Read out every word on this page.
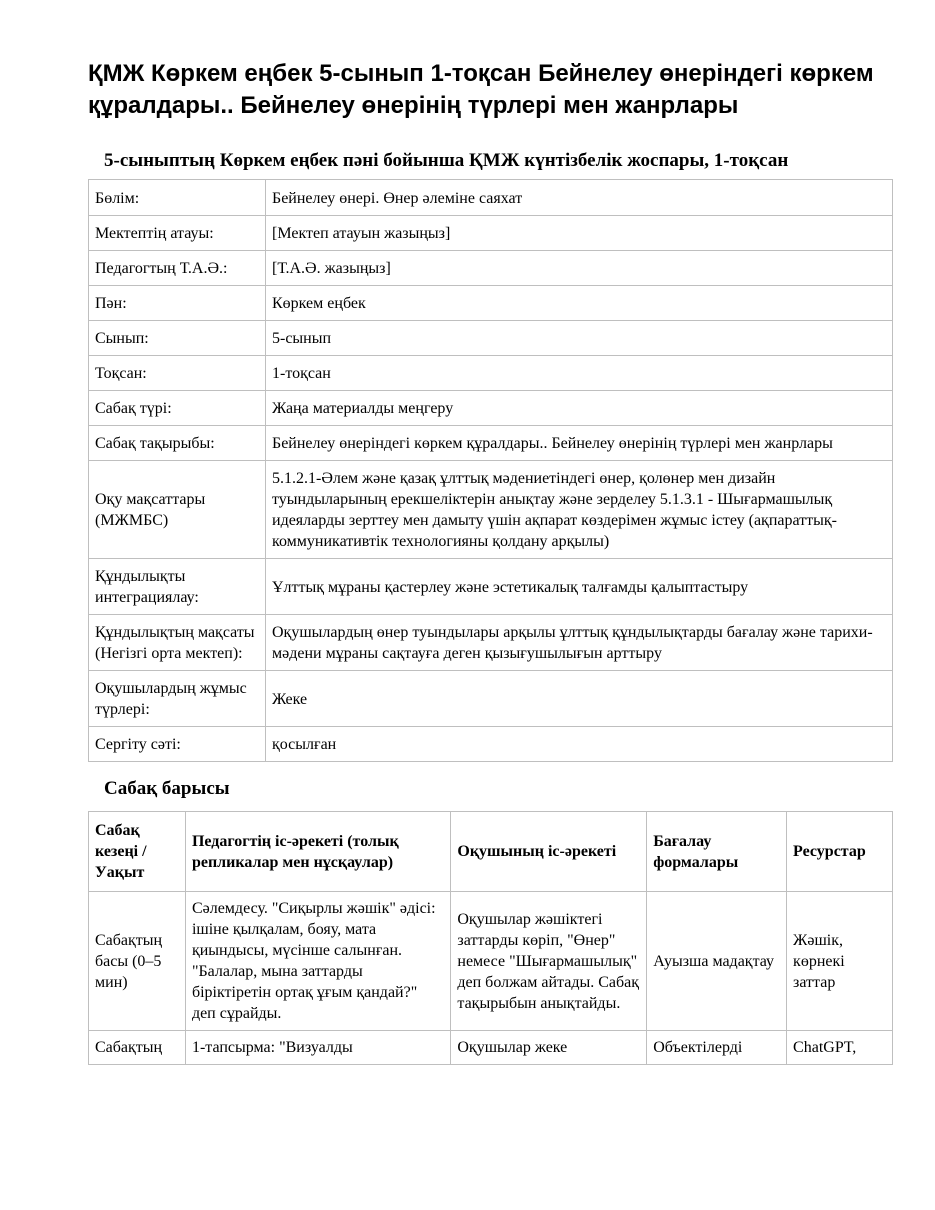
ҚМЖ Көркем еңбек 5-сынып 1-тоқсан Бейнелеу өнеріндегі көркем құралдары.. Бейнелеу өнерінің түрлері мен жанрлары
5-сыныптың Көркем еңбек пәні бойынша ҚМЖ күнтізбелік жоспары, 1-тоқсан
Бөлім:	Бейнелеу өнері. Өнер әлеміне саяхат
Мектептің атауы:	[Мектеп атауын жазыңыз]
Педагогтың Т.А.Ә.:	[Т.А.Ә. жазыңыз]
Пән:	Көркем еңбек
Сынып:	5-сынып
Тоқсан:	1-тоқсан
Сабақ түрі:	Жаңа материалды меңгеру
Сабақ тақырыбы:	Бейнелеу өнеріндегі көркем құралдары.. Бейнелеу өнерінің түрлері мен жанрлары
Оқу мақсаттары (МЖМБС)	5.1.2.1-Әлем және қазақ ұлттық мәдениетіндегі өнер, қолөнер мен дизайн туындыларының ерекшеліктерін анықтау және зерделеу 5.1.3.1 - Шығармашылық идеяларды зерттеу мен дамыту үшін ақпарат көздерімен жұмыс істеу (ақпараттық-коммуникативтік технологияны қолдану арқылы)
Құндылықты интеграциялау:	Ұлттық мұраны қастерлеу және эстетикалық талғамды қалыптастыру
Құндылықтың мақсаты (Негізгі орта мектеп):	Оқушылардың өнер туындылары арқылы ұлттық құндылықтарды бағалау және тарихи-мәдени мұраны сақтауға деген қызығушылығын арттыру
Оқушылардың жұмыс түрлері:	Жеке
Сергіту сәті:	қосылған
Сабақ барысы
Сабақ кезеңі / Уақыт	Педагогтің іс-әрекеті (толық репликалар мен нұсқаулар)	Оқушының іс-әрекеті	Бағалау формалары	Ресурстар
Сабақтың басы (0–5 мин)	Сәлемдесу. "Сиқырлы жәшік" әдісі: ішіне қылқалам, бояу, мата қиындысы, мүсінше салынған. "Балалар, мына заттарды біріктіретін ортақ ұғым қандай?" деп сұрайды.	Оқушылар жәшіктегі заттарды көріп, "Өнер" немесе "Шығармашылық" деп болжам айтады. Сабақ тақырыбын анықтайды.	Ауызша мадақтау	Жәшік, көрнекі заттар
Сабақтың	1-тапсырма: "Визуалды	Оқушылар жеке	Объектілерді	ChatGPT,
